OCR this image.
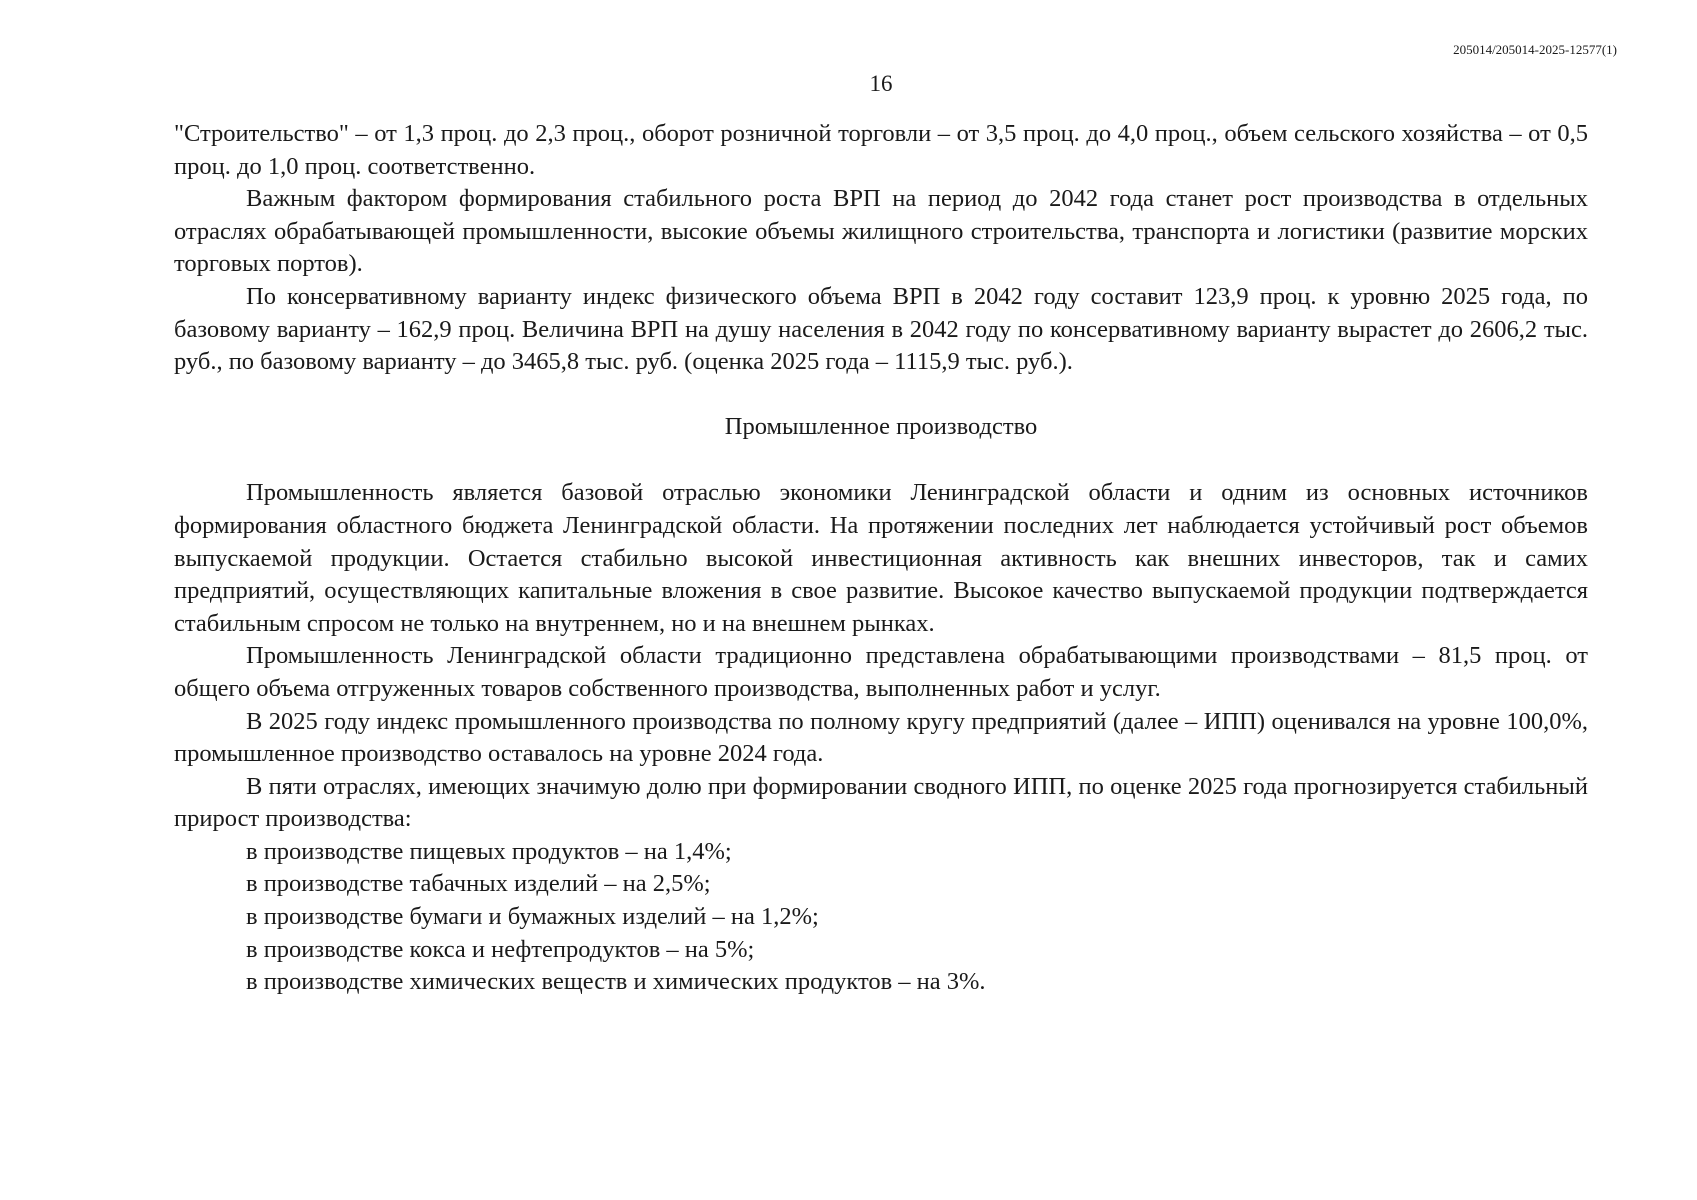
205014/205014-2025-12577(1)
16

"Строительство" – от 1,3 проц. до 2,3 проц., оборот розничной торговли – от 3,5 проц. до 4,0 проц., объем сельского хозяйства – от 0,5 проц. до 1,0 проц. соответственно.

Важным фактором формирования стабильного роста ВРП на период до 2042 года станет рост производства в отдельных отраслях обрабатывающей промышленности, высокие объемы жилищного строительства, транспорта и логистики (развитие морских торговых портов).

По консервативному варианту индекс физического объема ВРП в 2042 году составит 123,9 проц. к уровню 2025 года, по базовому варианту – 162,9 проц. Величина ВРП на душу населения в 2042 году по консервативному варианту вырастет до 2606,2 тыс. руб., по базовому варианту – до 3465,8 тыс. руб. (оценка 2025 года – 1115,9 тыс. руб.).

Промышленное производство

Промышленность является базовой отраслью экономики Ленинградской области и одним из основных источников формирования областного бюджета Ленинградской области. На протяжении последних лет наблюдается устойчивый рост объемов выпускаемой продукции. Остается стабильно высокой инвестиционная активность как внешних инвесторов, так и самих предприятий, осуществляющих капитальные вложения в свое развитие. Высокое качество выпускаемой продукции подтверждается стабильным спросом не только на внутреннем, но и на внешнем рынках.

Промышленность Ленинградской области традиционно представлена обрабатывающими производствами – 81,5 проц. от общего объема отгруженных товаров собственного производства, выполненных работ и услуг.

В 2025 году индекс промышленного производства по полному кругу предприятий (далее – ИПП) оценивался на уровне 100,0%, промышленное производство оставалось на уровне 2024 года.

В пяти отраслях, имеющих значимую долю при формировании сводного ИПП, по оценке 2025 года прогнозируется стабильный прирост производства:

в производстве пищевых продуктов – на 1,4%;

в производстве табачных изделий – на 2,5%;

в производстве бумаги и бумажных изделий – на 1,2%;

в производстве кокса и нефтепродуктов – на 5%;

в производстве химических веществ и химических продуктов – на 3%.
